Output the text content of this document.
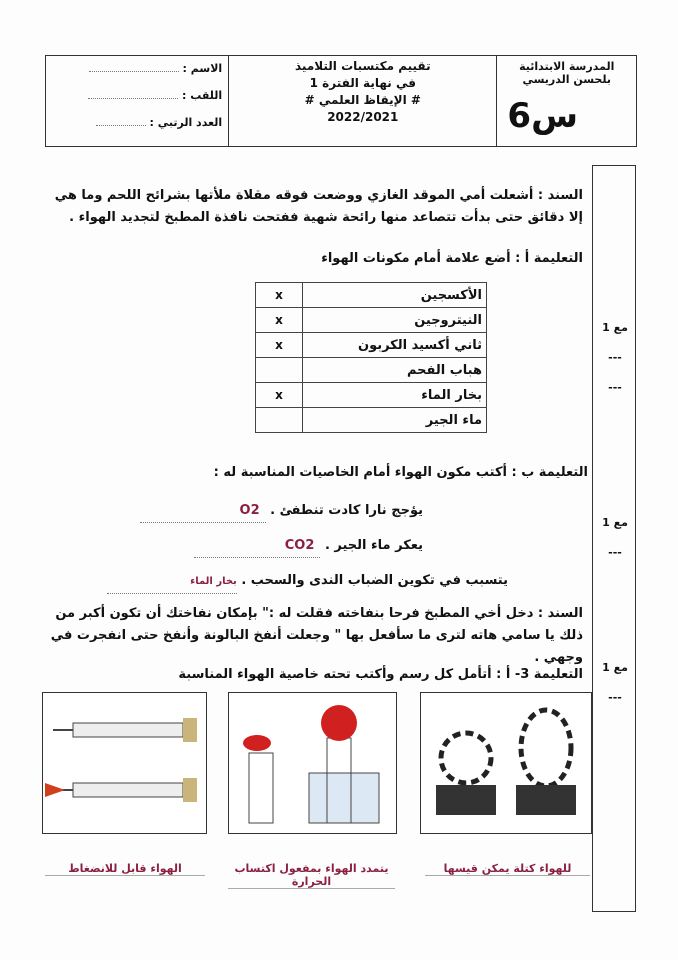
المدرسة الابتدائية
بلحسن الدريسي
س6
تقييم مكتسبات التلاميذ
في نهاية الفترة 1
# الإيقاظ العلمي #
2022/2021
الاسم :
اللقب :
العدد الرتبي :
مع 1
---
---
مع 1
---
مع 1
---
السند : أشعلت أمي الموقد الغازي ووضعت فوقه مقلاة ملأتها بشرائح اللحم وما هي إلا دقائق حتى بدأت تتصاعد منها رائحة شهية ففتحت نافذة المطبخ لتجديد الهواء .
التعليمة أ : أضع علامة أمام مكونات الهواء
الأكسجين	x
النيتروجين	x
ثاني أكسيد الكربون	x
هباب الفحم	
بخار الماء	x
ماء الجير	
التعليمة ب : أكتب مكون الهواء أمام الخاصيات المناسبة له :
يؤجج نارا كادت تنطفئ . O2
يعكر ماء الجير . CO2
يتسبب في تكوين الضباب الندى والسحب . بخار الماء
السند : دخل أخي المطبخ فرحا بنفاخته فقلت له :" بإمكان نفاختك أن تكون أكبر من ذلك يا سامي هاته لترى ما سأفعل بها " وجعلت أنفخ البالونة وأنفخ حتى انفجرت في وجهي .
التعليمة 3- أ : أتأمل كل رسم وأكتب تحته خاصية الهواء المناسبة
للهواء كتلة يمكن قيسها
يتمدد الهواء بمفعول اكتساب الحرارة
الهواء قابل للانضغاط
